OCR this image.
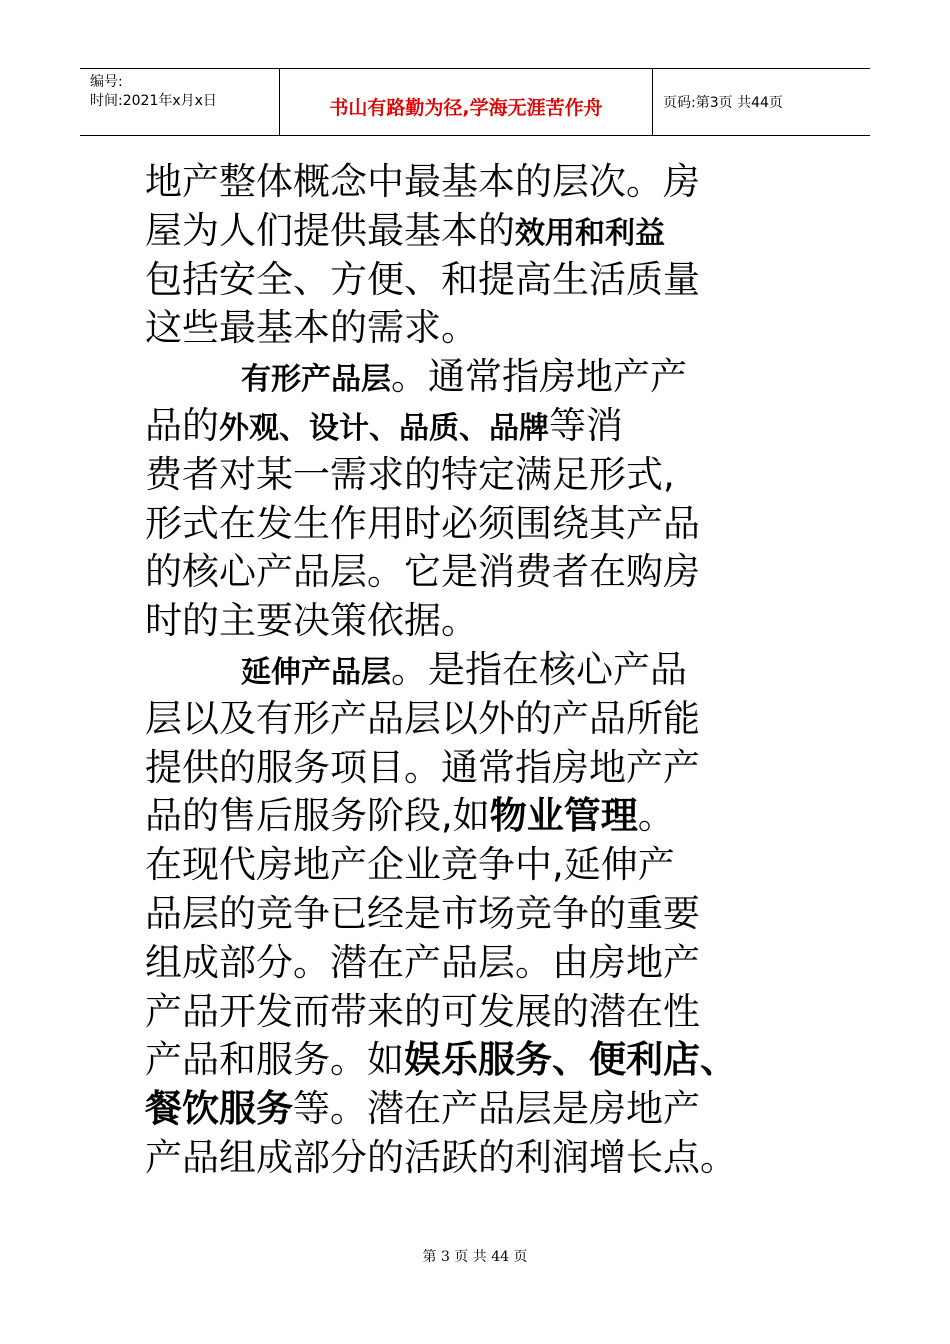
编号:
时间:2021年x月x日	书山有路勤为径,学海无涯苦作舟	页码:第3页 共44页
地产整体概念中最基本的层次。房
屋为人们提供最基本的效用和利益
包括安全、方便、和提高生活质量
这些最基本的需求。
有形产品层。通常指房地产产
品的外观、设计、品质、品牌等消
费者对某一需求的特定满足形式,
形式在发生作用时必须围绕其产品
的核心产品层。它是消费者在购房
时的主要决策依据。
延伸产品层。是指在核心产品
层以及有形产品层以外的产品所能
提供的服务项目。通常指房地产产
品的售后服务阶段,如物业管理。
在现代房地产企业竞争中,延伸产
品层的竞争已经是市场竞争的重要
组成部分。潜在产品层。由房地产
产品开发而带来的可发展的潜在性
产品和服务。如娱乐服务、便利店、
餐饮服务等。潜在产品层是房地产
产品组成部分的活跃的利润增长点。
第 3 页 共 44 页
